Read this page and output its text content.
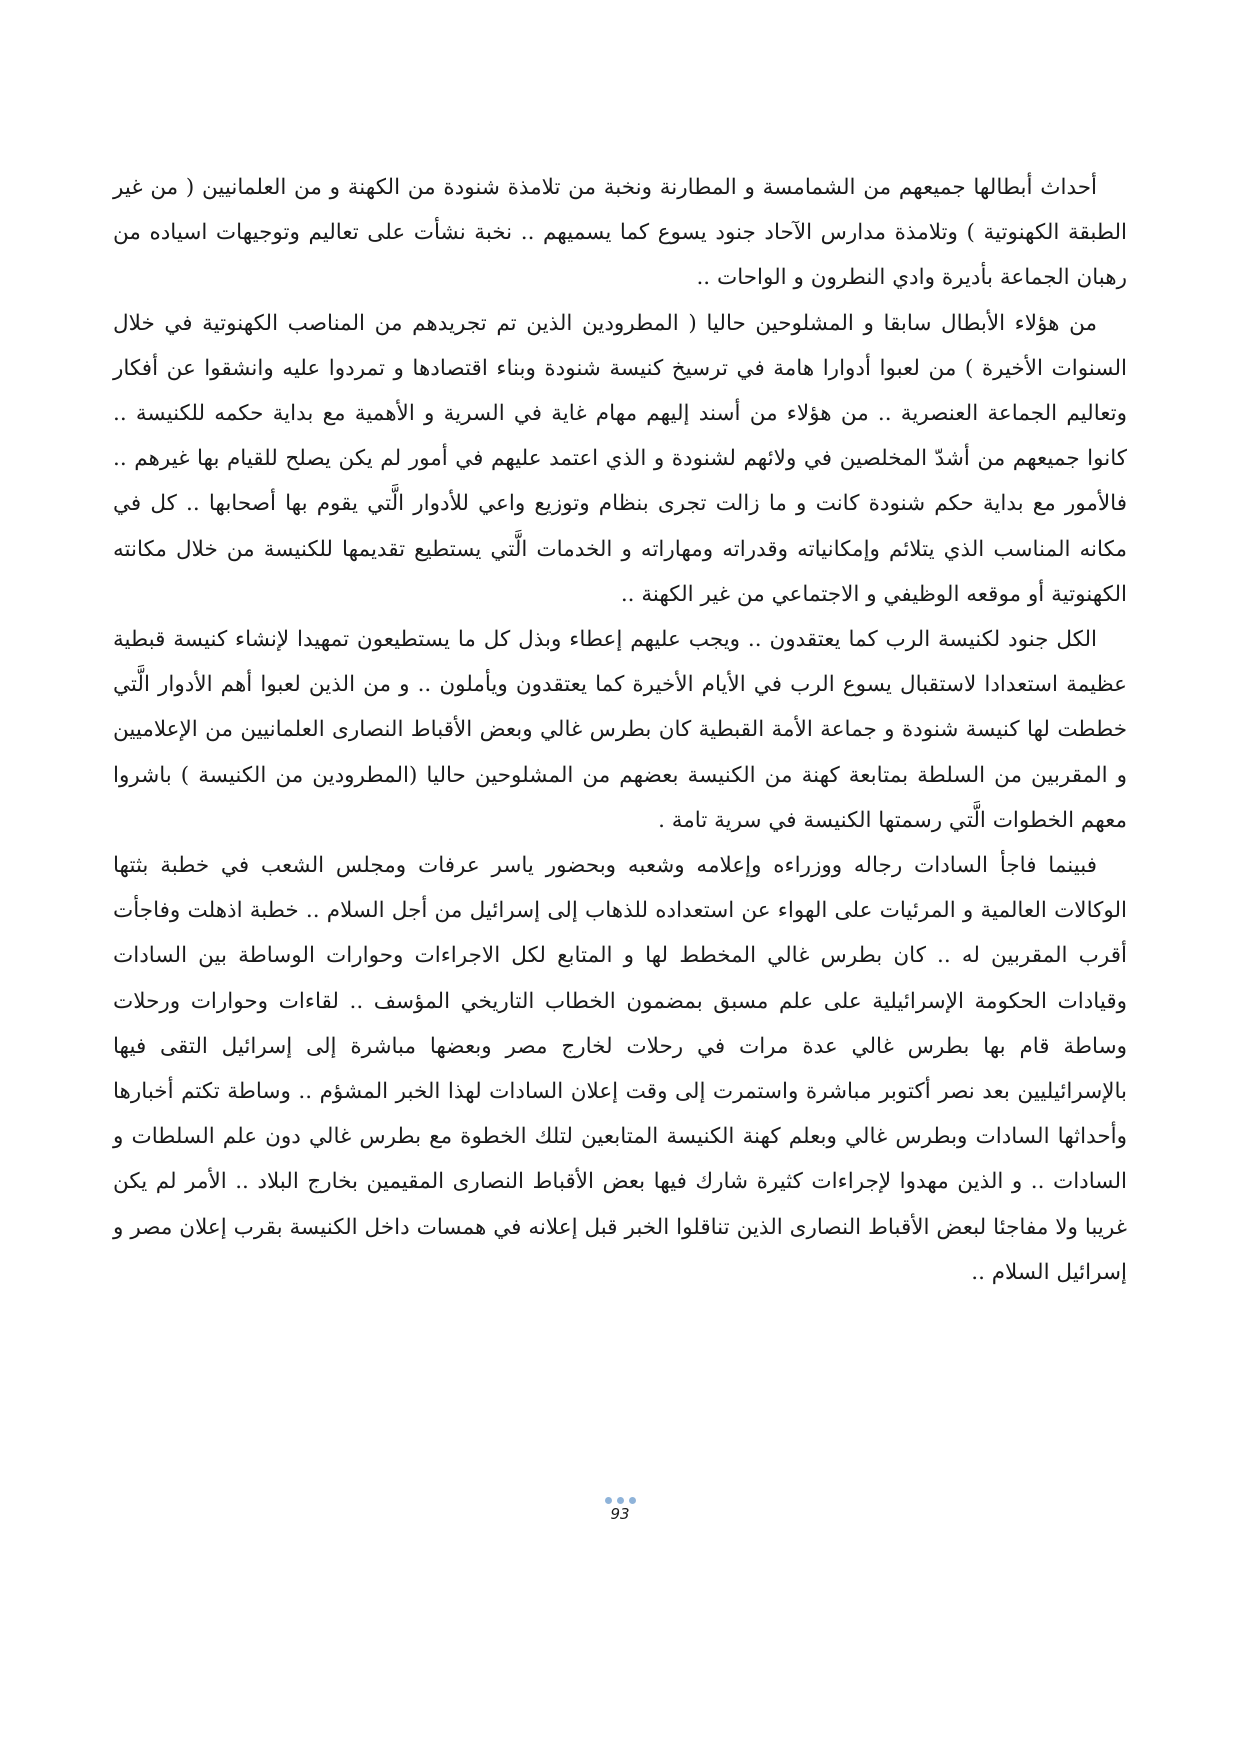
أحداث أبطالها جميعهم من الشمامسة و المطارنة ونخبة من تلامذة شنودة من الكهنة و من العلمانيين ( من غير الطبقة الكهنوتية ) وتلامذة مدارس الآحاد جنود يسوع كما يسميهم .. نخبة نشأت على تعاليم وتوجيهات اسياده من رهبان الجماعة بأديرة وادي النطرون و الواحات ..

من هؤلاء الأبطال سابقا و المشلوحين حاليا ( المطرودين الذين تم تجريدهم من المناصب الكهنوتية في خلال السنوات الأخيرة ) من لعبوا أدوارا هامة في ترسيخ كنيسة شنودة وبناء اقتصادها و تمردوا عليه وانشقوا عن أفكار وتعاليم الجماعة العنصرية .. من هؤلاء من أسند إليهم مهام غاية في السرية و الأهمية مع بداية حكمه للكنيسة .. كانوا جميعهم من أشدّ المخلصين في ولائهم لشنودة و الذي اعتمد عليهم في أمور لم يكن يصلح للقيام بها غيرهم .. فالأمور مع بداية حكم شنودة كانت و ما زالت تجرى بنظام وتوزيع واعي للأدوار الَّتي يقوم بها أصحابها .. كل في مكانه المناسب الذي يتلائم وإمكانياته وقدراته ومهاراته و الخدمات الَّتي يستطيع تقديمها للكنيسة من خلال مكانته الكهنوتية أو موقعه الوظيفي و الاجتماعي من غير الكهنة ..

الكل جنود لكنيسة الرب كما يعتقدون .. ويجب عليهم إعطاء وبذل كل ما يستطيعون تمهيدا لإنشاء كنيسة قبطية عظيمة استعدادا لاستقبال يسوع الرب في الأيام الأخيرة كما يعتقدون ويأملون .. و من الذين لعبوا أهم الأدوار الَّتي خططت لها كنيسة شنودة و جماعة الأمة القبطية كان بطرس غالي وبعض الأقباط النصارى العلمانيين من الإعلاميين و المقربين من السلطة بمتابعة كهنة من الكنيسة بعضهم من المشلوحين حاليا (المطرودين من الكنيسة ) باشروا معهم الخطوات الَّتي رسمتها الكنيسة في سرية تامة .

فبينما فاجأ السادات رجاله ووزراءه وإعلامه وشعبه وبحضور ياسر عرفات ومجلس الشعب في خطبة بثتها الوكالات العالمية و المرئيات على الهواء عن استعداده للذهاب إلى إسرائيل من أجل السلام .. خطبة اذهلت وفاجأت أقرب المقربين له .. كان بطرس غالي المخطط لها و المتابع لكل الاجراءات وحوارات الوساطة بين السادات وقيادات الحكومة الإسرائيلية على علم مسبق بمضمون الخطاب التاريخي المؤسف .. لقاءات وحوارات ورحلات وساطة قام بها بطرس غالي عدة مرات في رحلات لخارج مصر وبعضها مباشرة إلى إسرائيل التقى فيها بالإسرائيليين بعد نصر أكتوبر مباشرة واستمرت إلى وقت إعلان السادات لهذا الخبر المشؤم .. وساطة تكتم أخبارها وأحداثها السادات وبطرس غالي وبعلم كهنة الكنيسة المتابعين لتلك الخطوة مع بطرس غالي دون علم السلطات و السادات .. و الذين مهدوا لإجراءات كثيرة شارك فيها بعض الأقباط النصارى المقيمين بخارج البلاد .. الأمر لم يكن غريبا ولا مفاجئا لبعض الأقباط النصارى الذين تناقلوا الخبر قبل إعلانه في همسات داخل الكنيسة بقرب إعلان مصر و إسرائيل السلام ..

93
